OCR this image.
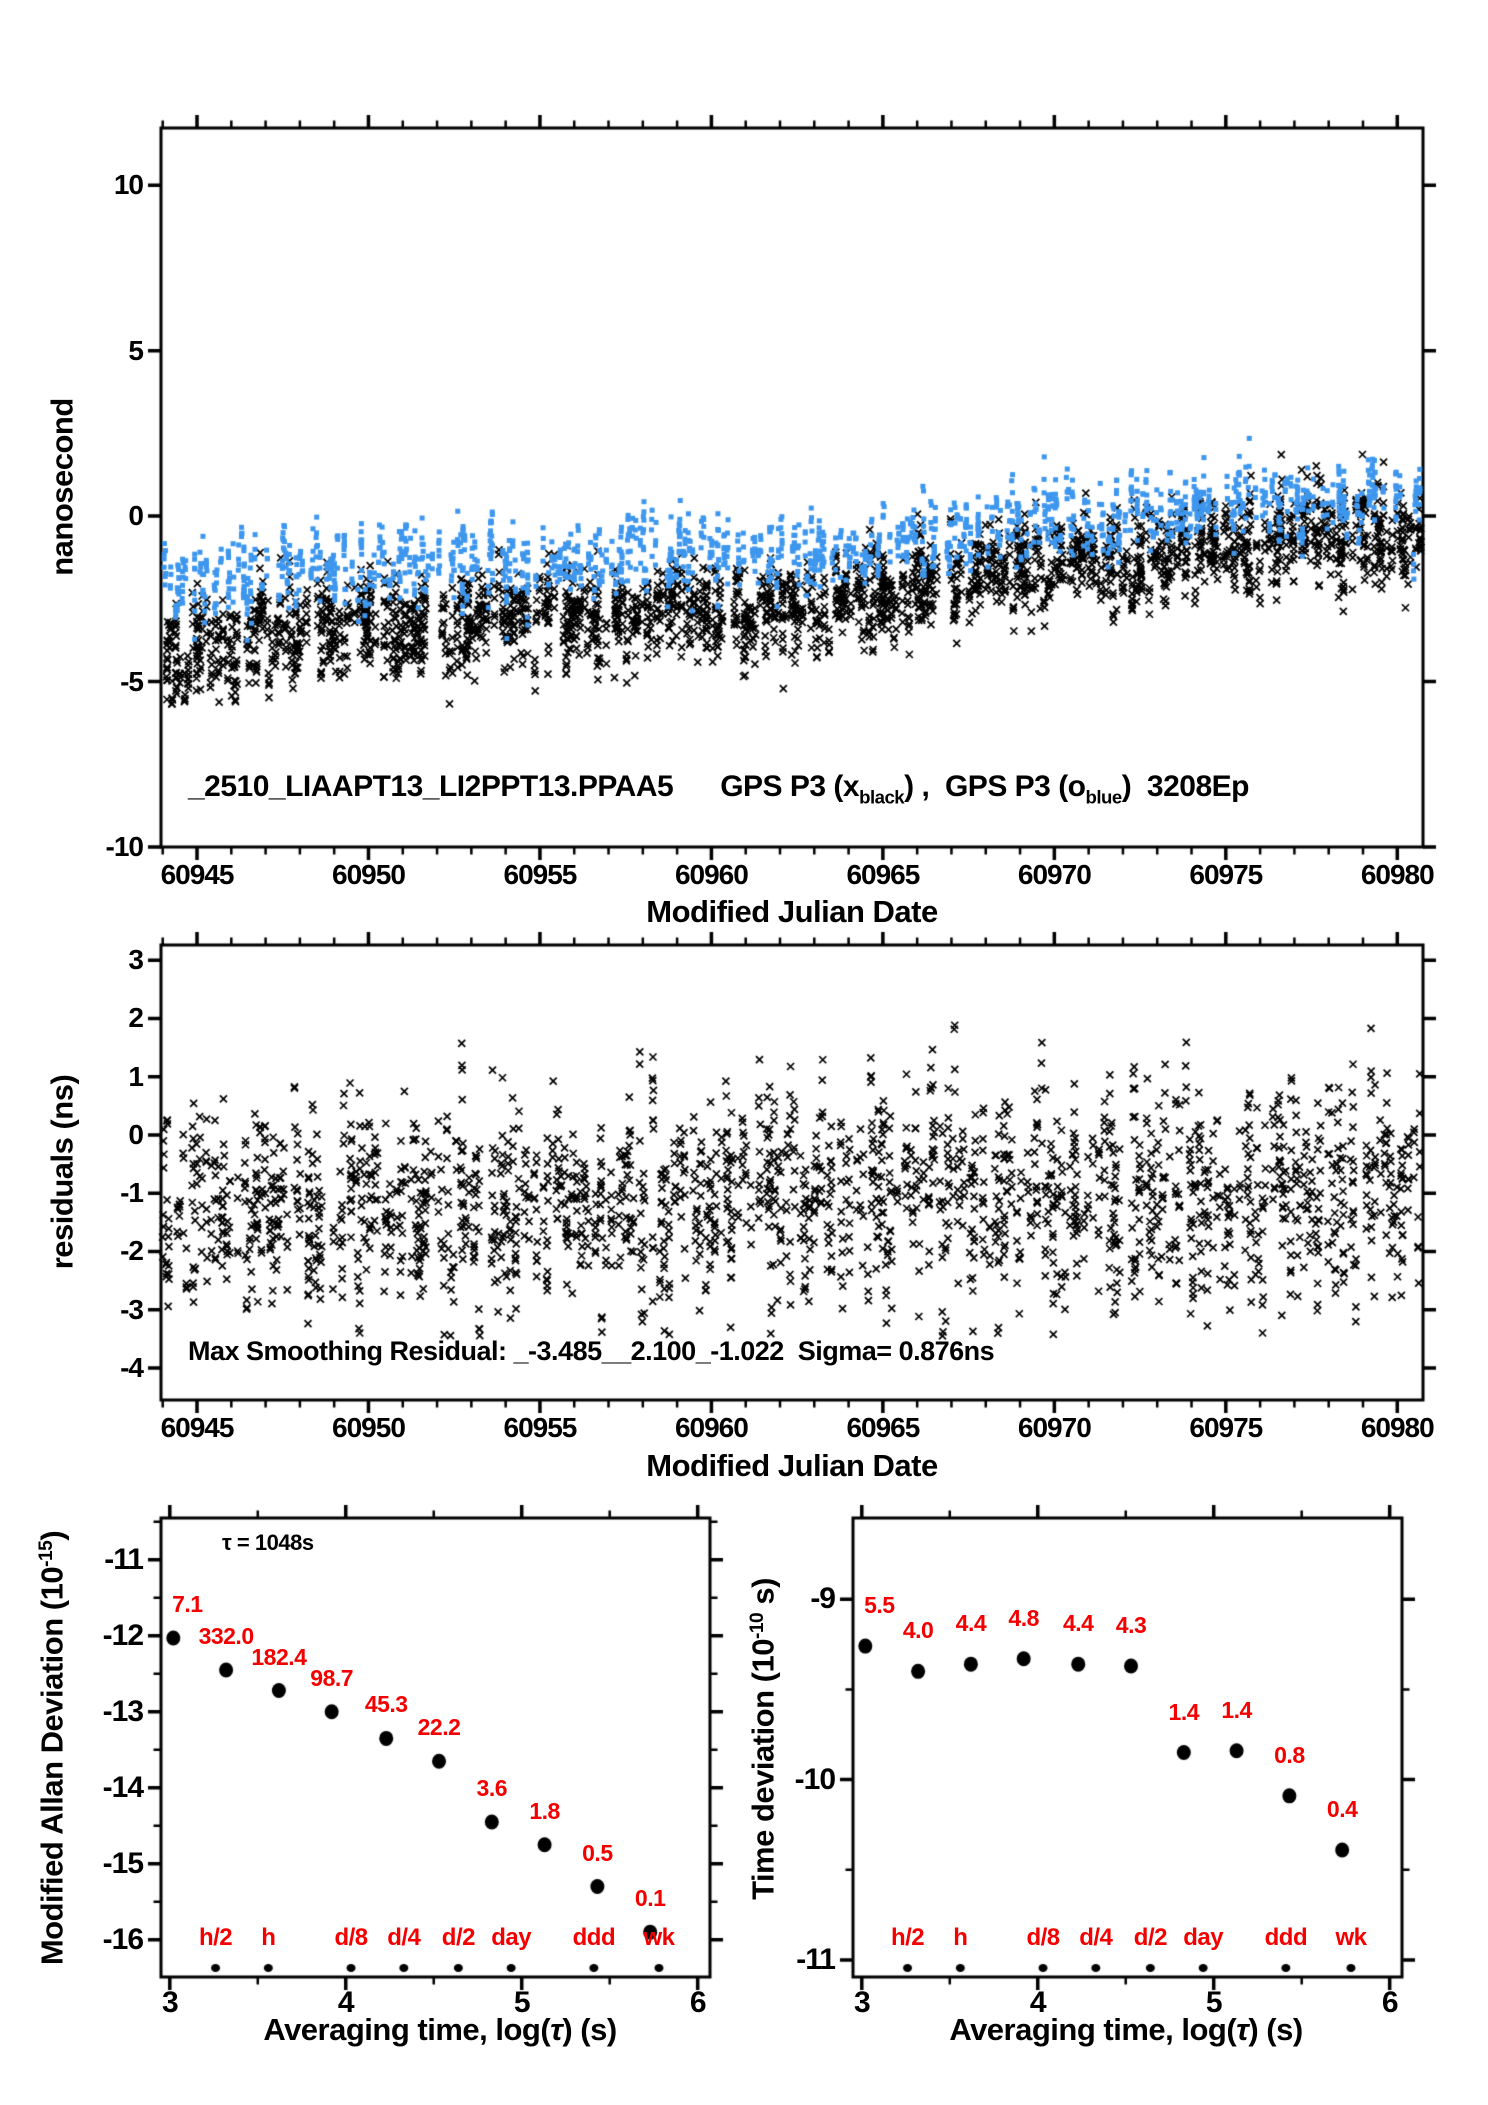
nanosecond
residuals (ns)
Modified Allan Deviation $(10^{-15})$
Time deviation ($10^{-10}$ s)
Modified Julian Date
Modified Julian Date
Averaging time, log(τ) (s)	Averaging time, log(τ) (s)
_2510_LIAAPT13_LI2PPT13.PPAA5      GPS P3 $(x_{black})$ ,  GPS P3 $(o_{blue})$  3208Ep
Max Smoothing Residual: _-3.485__2.100_-1.022  Sigma= 0.876ns
τ = 1048s
60945	60950	60955	60960	60965	60970	60975	60980
10
5
0
-5
-10
60945	60950	60955	60960	60965	60970	60975	60980
3
2
1
0
-1
-2
-3
-4
3	4	5	6
-11
-12
-13
-14
-15
-16
7.1
332.0
182.4
98.7
45.3
22.2
3.6
1.8
0.5
0.1
h/2 h d/8 d/4 d/2 day ddd wk
3	4	5	6
-9
-10
-11
5.5
4.0 4.4 4.8 4.4 4.3
1.4 1.4
0.8
0.4
h/2 h d/8 d/4 d/2 day ddd wk
